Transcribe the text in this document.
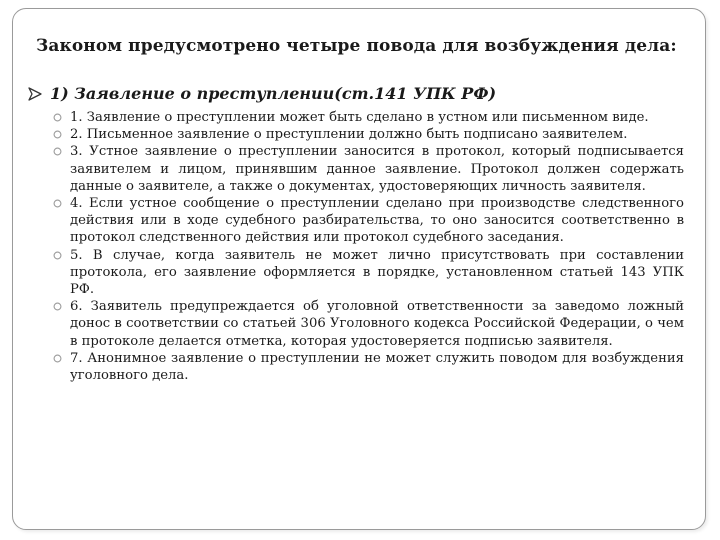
Законом предусмотрено четыре повода для возбуждения дела:
1) Заявление о преступлении(ст.141 УПК РФ)
1. Заявление о преступлении может быть сделано в устном или письменном виде.
2. Письменное заявление о преступлении должно быть подписано заявителем.
3. Устное заявление о преступлении заносится в протокол, который подписывается заявителем и лицом, принявшим данное заявление. Протокол должен содержать данные о заявителе, а также о документах, удостоверяющих личность заявителя.
4. Если устное сообщение о преступлении сделано при производстве следственного действия или в ходе судебного разбирательства, то оно заносится соответственно в протокол следственного действия или протокол судебного заседания.
5. В случае, когда заявитель не может лично присутствовать при составлении протокола, его заявление оформляется в порядке, установленном статьей 143 УПК РФ.
6. Заявитель предупреждается об уголовной ответственности за заведомо ложный донос в соответствии со статьей 306 Уголовного кодекса Российской Федерации, о чем в протоколе делается отметка, которая удостоверяется подписью заявителя.
7. Анонимное заявление о преступлении не может служить поводом для возбуждения уголовного дела.
